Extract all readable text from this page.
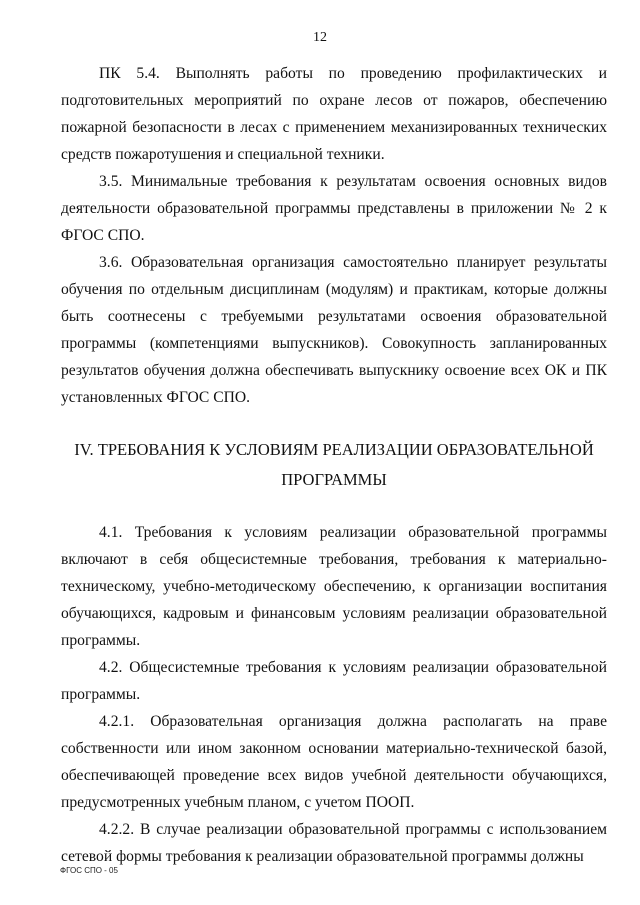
12

ПК 5.4. Выполнять работы по проведению профилактических и подготовительных мероприятий по охране лесов от пожаров, обеспечению пожарной безопасности в лесах с применением механизированных технических средств пожаротушения и специальной техники.

3.5. Минимальные требования к результатам освоения основных видов деятельности образовательной программы представлены в приложении № 2 к ФГОС СПО.

3.6. Образовательная организация самостоятельно планирует результаты обучения по отдельным дисциплинам (модулям) и практикам, которые должны быть соотнесены с требуемыми результатами освоения образовательной программы (компетенциями выпускников). Совокупность запланированных результатов обучения должна обеспечивать выпускнику освоение всех ОК и ПК установленных ФГОС СПО.

IV. ТРЕБОВАНИЯ К УСЛОВИЯМ РЕАЛИЗАЦИИ ОБРАЗОВАТЕЛЬНОЙ ПРОГРАММЫ

4.1. Требования к условиям реализации образовательной программы включают в себя общесистемные требования, требования к материально-техническому, учебно-методическому обеспечению, к организации воспитания обучающихся, кадровым и финансовым условиям реализации образовательной программы.

4.2. Общесистемные требования к условиям реализации образовательной программы.

4.2.1. Образовательная организация должна располагать на праве собственности или ином законном основании материально-технической базой, обеспечивающей проведение всех видов учебной деятельности обучающихся, предусмотренных учебным планом, с учетом ПООП.

4.2.2. В случае реализации образовательной программы с использованием сетевой формы требования к реализации образовательной программы должны

ФГОС СПО - 05
